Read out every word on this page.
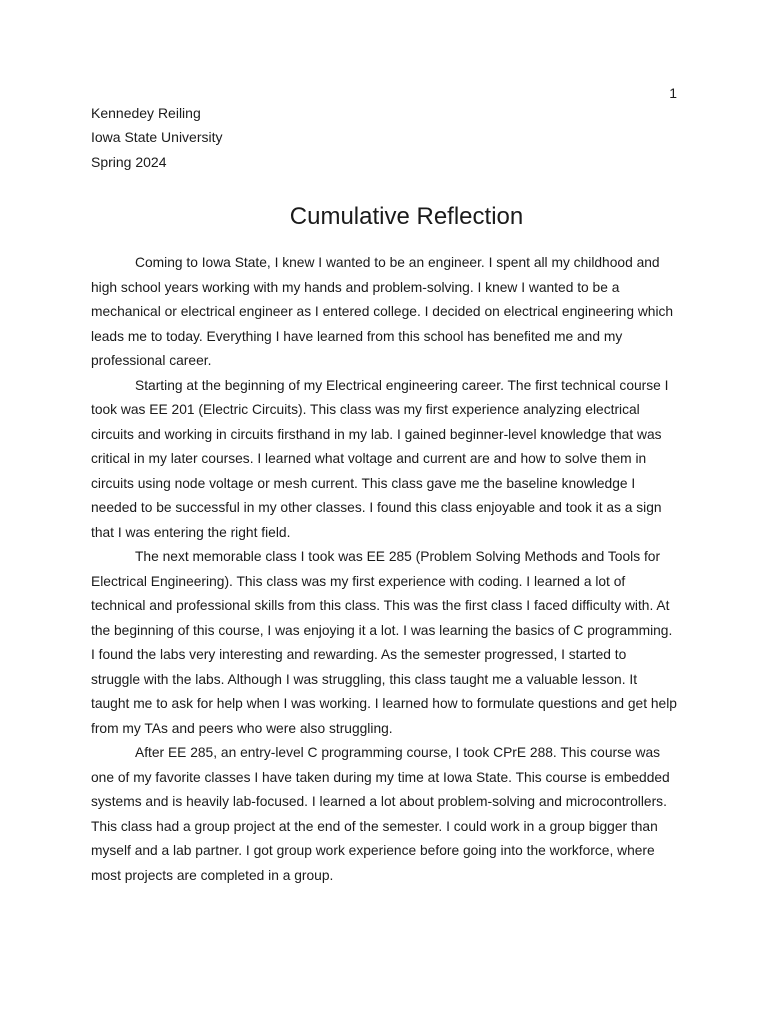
1
Kennedey Reiling
Iowa State University
Spring 2024
Cumulative Reflection

Coming to Iowa State, I knew I wanted to be an engineer. I spent all my childhood and high school years working with my hands and problem-solving. I knew I wanted to be a mechanical or electrical engineer as I entered college. I decided on electrical engineering which leads me to today. Everything I have learned from this school has benefited me and my professional career.

Starting at the beginning of my Electrical engineering career. The first technical course I took was EE 201 (Electric Circuits). This class was my first experience analyzing electrical circuits and working in circuits firsthand in my lab. I gained beginner-level knowledge that was critical in my later courses. I learned what voltage and current are and how to solve them in circuits using node voltage or mesh current. This class gave me the baseline knowledge I needed to be successful in my other classes. I found this class enjoyable and took it as a sign that I was entering the right field.

The next memorable class I took was EE 285 (Problem Solving Methods and Tools for Electrical Engineering). This class was my first experience with coding. I learned a lot of technical and professional skills from this class. This was the first class I faced difficulty with. At the beginning of this course, I was enjoying it a lot. I was learning the basics of C programming. I found the labs very interesting and rewarding. As the semester progressed, I started to struggle with the labs. Although I was struggling, this class taught me a valuable lesson. It taught me to ask for help when I was working. I learned how to formulate questions and get help from my TAs and peers who were also struggling.

After EE 285, an entry-level C programming course, I took CPrE 288. This course was one of my favorite classes I have taken during my time at Iowa State. This course is embedded systems and is heavily lab-focused. I learned a lot about problem-solving and microcontrollers. This class had a group project at the end of the semester. I could work in a group bigger than myself and a lab partner. I got group work experience before going into the workforce, where most projects are completed in a group.
